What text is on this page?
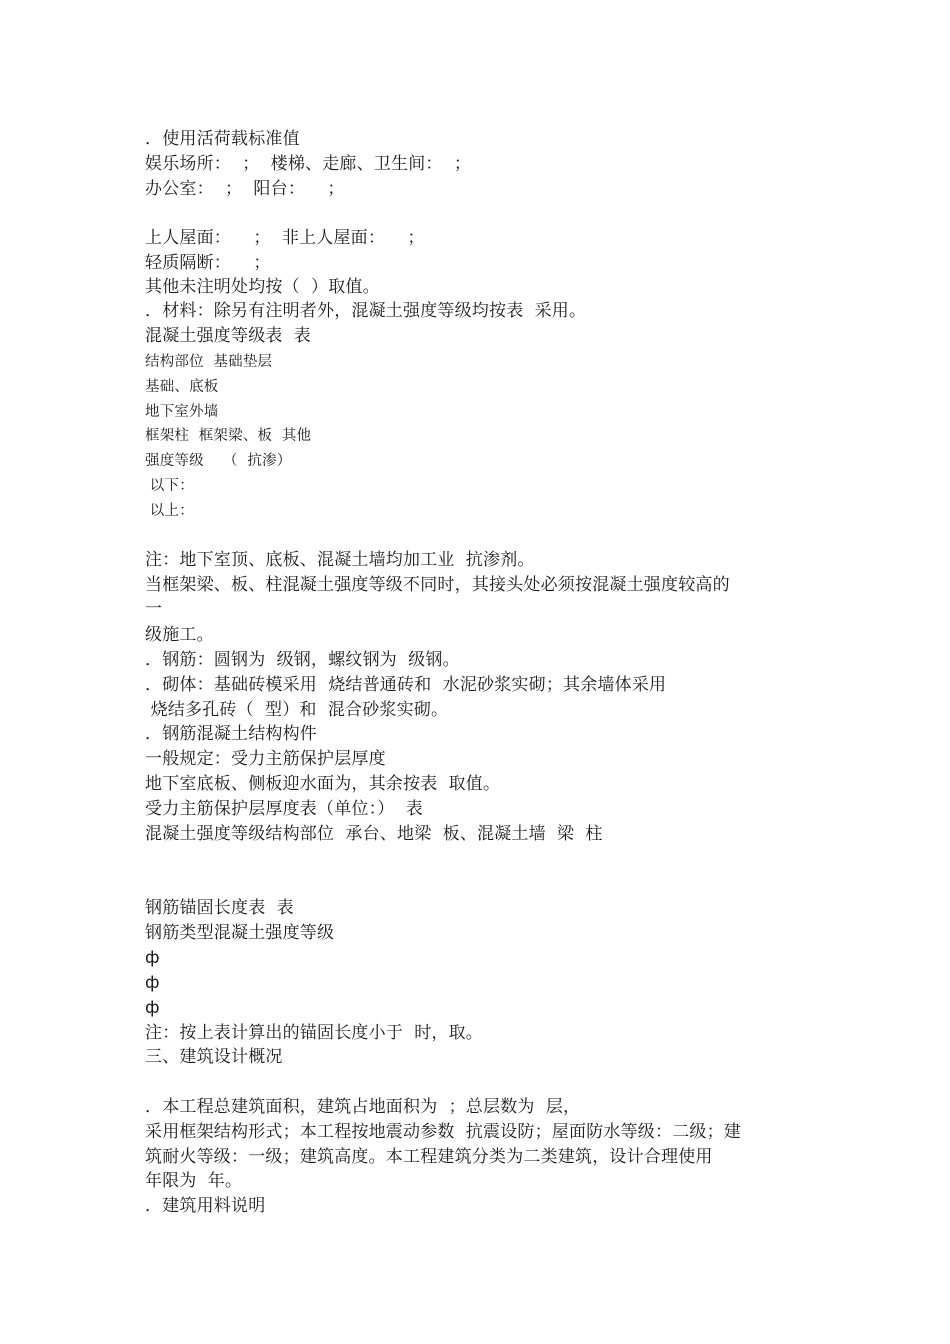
．使用活荷载标准值
娱乐场所：  ；  楼梯、走廊、卫生间：  ；
办公室：  ；  阳台：    ；
上人屋面：    ；  非上人屋面：    ；
轻质隔断：    ；
其他未注明处均按（  ）取值。
．材料：除另有注明者外，混凝土强度等级均按表  采用。
混凝土强度等级表  表
结构部位  基础垫层
基础、底板
地下室外墙
框架柱  框架梁、板  其他
强度等级    （  抗渗）
以下：
以上：
注：地下室顶、底板、混凝土墙均加工业  抗渗剂。
当框架梁、板、柱混凝土强度等级不同时，其接头处必须按混凝土强度较高的
一
级施工。
．钢筋：圆钢为  级钢，螺纹钢为  级钢。
．砌体：基础砖模采用  烧结普通砖和  水泥砂浆实砌；其余墙体采用
烧结多孔砖（  型）和  混合砂浆实砌。
．钢筋混凝土结构构件
一般规定：受力主筋保护层厚度
地下室底板、侧板迎水面为，其余按表  取值。
受力主筋保护层厚度表（单位：）  表
混凝土强度等级结构部位  承台、地梁  板、混凝土墙  梁  柱
钢筋锚固长度表  表
钢筋类型混凝土强度等级
ф
ф
ф
注：按上表计算出的锚固长度小于  时，取。
三、建筑设计概况
．本工程总建筑面积，建筑占地面积为  ；总层数为  层，
采用框架结构形式；本工程按地震动参数  抗震设防；屋面防水等级：二级；建
筑耐火等级：一级；建筑高度。本工程建筑分类为二类建筑，设计合理使用
年限为  年。
．建筑用料说明
